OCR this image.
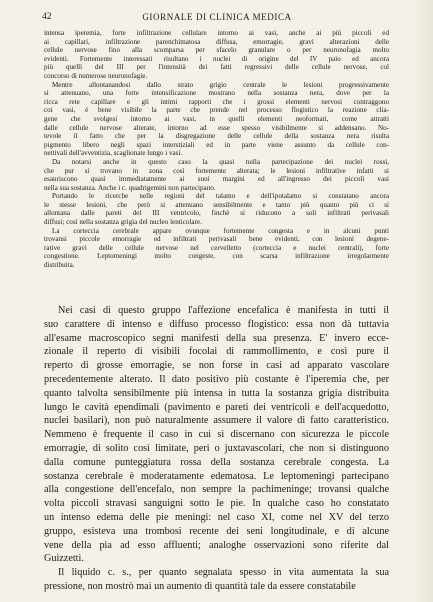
42	GIORNALE DI CLINICA MEDICA
intensa iperemia, forte infiltrazione cellulare intorno ai vasi, anche ai più piccoli ed
ai capillari, infiltrazione parenchimatosa diffusa, emorragie, gravi alterazioni delle
cellule nervose fino alla scomparsa per sfacelo granulare o per neuronofagia molto
evidenti. Fortemente interessati risultano i nuclei di origine del IV paio ed ancora
più quelli del III per l'intensità dei fatti regressivi delle cellule nervose, col
concorso di numerose neuronofagie.
Mentre allontanandosi dallo strato grigio centrale le lesioni progressivamente
si attenuano, una forte intensificazione mostrano nella sostanza nera, dove per la
ricca rete capillare e gli intimi rapporti che i grossi elementi nervosi contraggono
coi vasi, è bene visibile la parte che prende nel processo flogistico la reazione clia-
gene che svolgesi intorno ai vasi, in quelli elementi neoformati, come attratti
dalle cellule nervose alterate, intorno ad esse spesso visibilmente si addensano. No-
tevole il fatto che per la disgregazione delle cellule della sostanza nera risulta
pigmento libero negli spazi interstiziali ed in parte viene assunto da cellule con-
nettivali dell'avventizia, scaglionate lungo i vasi.
Da notarsi anche in questo caso la quasi nulla partecipazione dei nuclei rossi,
che pur si trovano in zona così fortemente alterata; le lesioni infiltrative infatti si
esauriscono quasi immediatamente ai suoi margini ed all'ingresso dei piccoli vasi
nella sua sostanza. Anche i c. quadrigemini non partecipano.
Portando le ricerche nelle regioni del talamo e dell'ipotalamo si constatano ancora
le stesse lesioni, che però si attenuano sensibilmente e tanto più quanto più ci si
allontana dalle pareti del III ventricolo, finchè si riducono a soli infiltrati perivasali
diffusi; così nella sostanza grigia del nucleo lenticolare.
La corteccia cerebrale appare ovunque fortemente congesta e in alcuni punti
trovansi piccole emorragie ed infiltrati perivasali bene evidenti, con lesioni degene-
rative gravi delle cellule nervose nel cervelletto (corteccia e nuclei centrali), forte
congestione. Leptomeningi molto congeste, con scarsa infiltrazione irregolarmente
distribuita.
Nei casi di questo gruppo l'affezione encefalica è manifesta in tutti il
suo carattere di intenso e diffuso processo flogistico: essa non dà tuttavia
all'esame macroscopico segni manifesti della sua presenza. E' invero ecce-
zionale il reperto di visibili focolai di rammollimento, e così pure il
reperto di grosse emorragie, se non forse in casi ad apparato vascolare
precedentemente alterato. Il dato positivo più costante è l'iperemia che, per
quanto talvolta sensibilmente più intensa in tutta la sostanza grigia distribuita
lungo le cavità ependimali (pavimento e pareti dei ventricoli e dell'acquedotto,
nuclei basilari), non può naturalmente assumere il valore di fatto caratteristico.
Nemmeno è frequente il caso in cui si discernano con sicurezza le piccole
emorragie, di solito così limitate, peri o juxtavascolari, che non si distinguono
dalla comune punteggiatura rossa della sostanza cerebrale congesta. La
sostanza cerebrale è moderatamente edematosa. Le leptomeningi partecipano
alla congestione dell'encefalo, non sempre la pachimeninge; trovansi qualche
volta piccoli stravasi sanguigni sotto le pie. In qualche caso ho constatato
un intenso edema delle pie meningi: nel caso XI, come nel XV del terzo
gruppo, esisteva una trombosi recente dei seni longitudinale, e di alcune
vene della pia ad esso affluenti; analoghe osservazioni sono riferite dal
Guizzetti.
Il liquido c. s., per quanto segnalata spesso in vita aumentata la sua
pressione, non mostrò mai un aumento di quantità tale da essere constatabile
